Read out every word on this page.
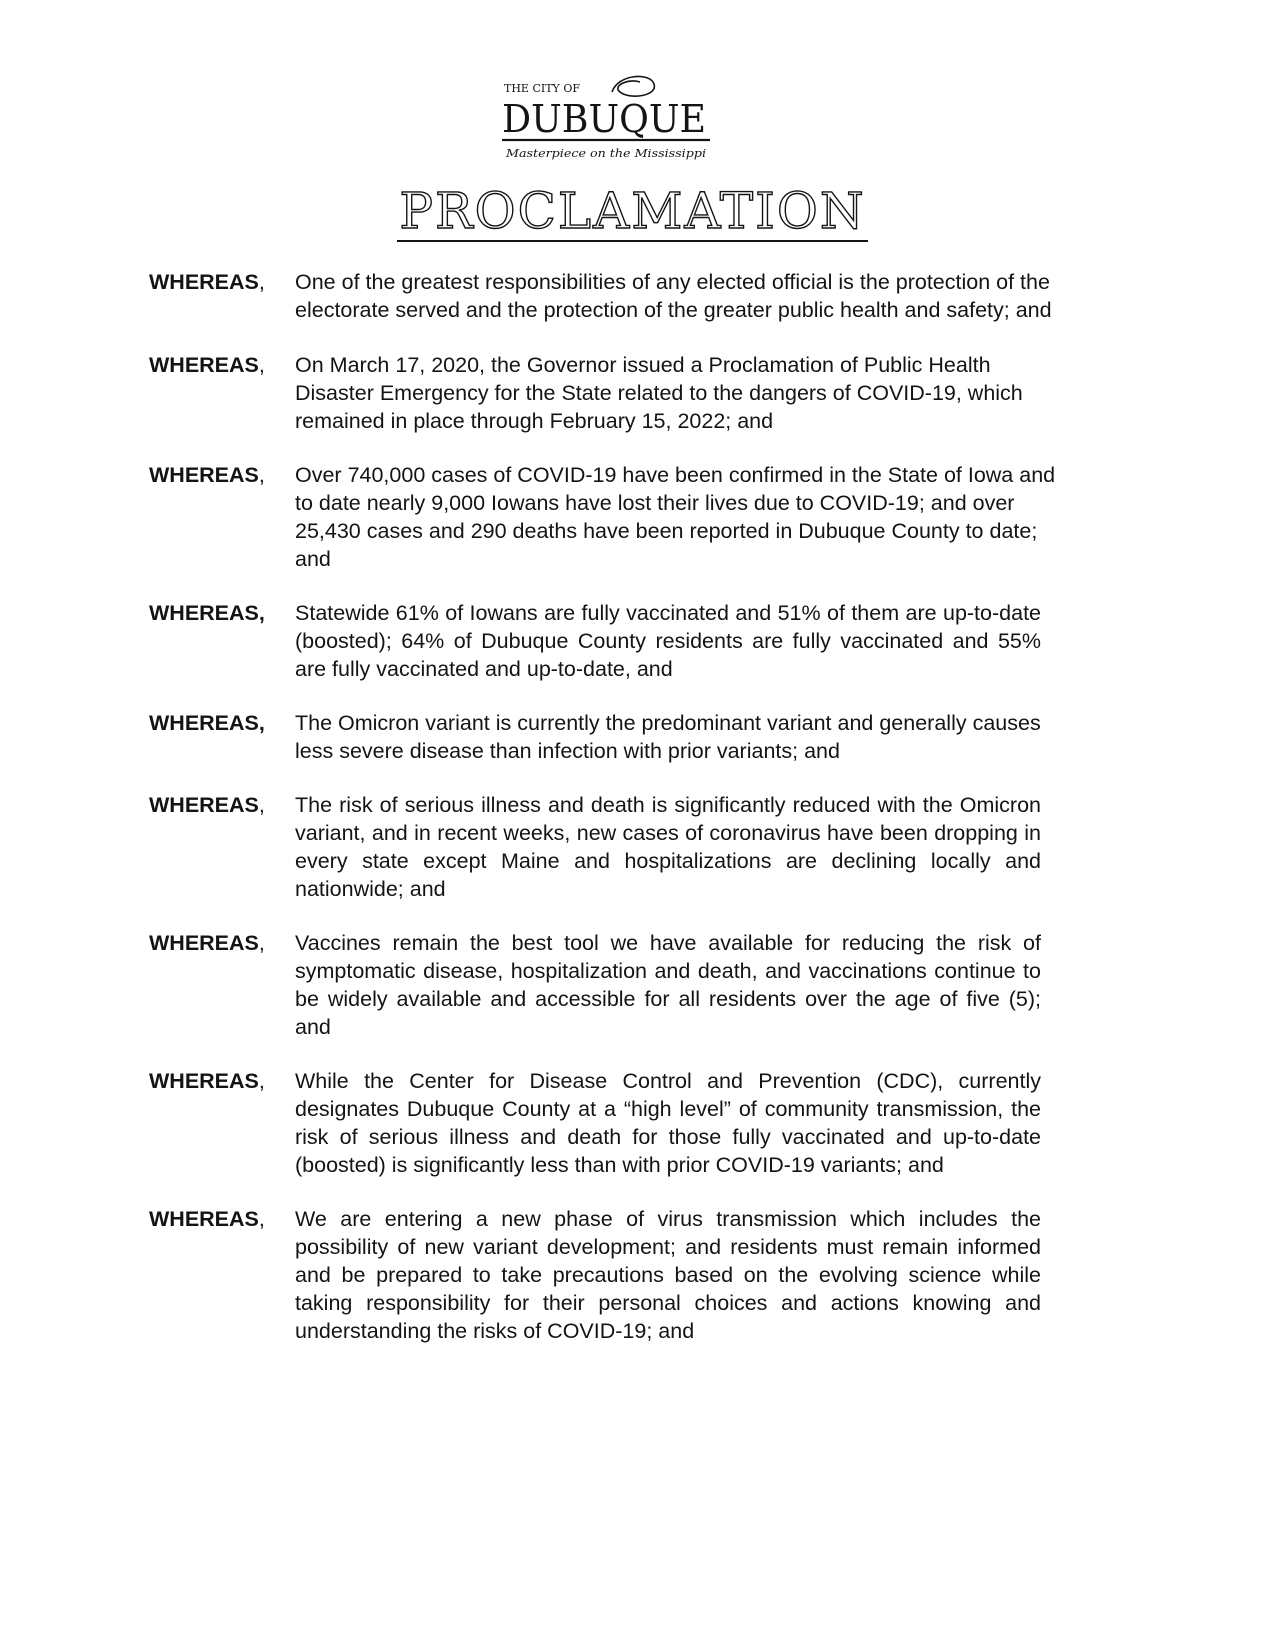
THE CITY OF
DUBUQUE
Masterpiece on the Mississippi
PROCLAMATION
WHEREAS,	One of the greatest responsibilities of any elected official is the protection of the electorate served and the protection of the greater public health and safety; and

WHEREAS,	On March 17, 2020, the Governor issued a Proclamation of Public Health Disaster Emergency for the State related to the dangers of COVID-19, which remained in place through February 15, 2022; and

WHEREAS,	Over 740,000 cases of COVID-19 have been confirmed in the State of Iowa and to date nearly 9,000 Iowans have lost their lives due to COVID-19; and over 25,430 cases and 290 deaths have been reported in Dubuque County to date; and

WHEREAS,	Statewide 61% of Iowans are fully vaccinated and 51% of them are up-to-date (boosted); 64% of Dubuque County residents are fully vaccinated and 55% are fully vaccinated and up-to-date, and

WHEREAS,	The Omicron variant is currently the predominant variant and generally causes less severe disease than infection with prior variants; and

WHEREAS,	The risk of serious illness and death is significantly reduced with the Omicron variant, and in recent weeks, new cases of coronavirus have been dropping in every state except Maine and hospitalizations are declining locally and nationwide; and

WHEREAS,	Vaccines remain the best tool we have available for reducing the risk of symptomatic disease, hospitalization and death, and vaccinations continue to be widely available and accessible for all residents over the age of five (5); and

WHEREAS,	While the Center for Disease Control and Prevention (CDC), currently designates Dubuque County at a “high level” of community transmission, the risk of serious illness and death for those fully vaccinated and up-to-date (boosted) is significantly less than with prior COVID-19 variants; and

WHEREAS,	We are entering a new phase of virus transmission which includes the possibility of new variant development; and residents must remain informed and be prepared to take precautions based on the evolving science while taking responsibility for their personal choices and actions knowing and understanding the risks of COVID-19; and
